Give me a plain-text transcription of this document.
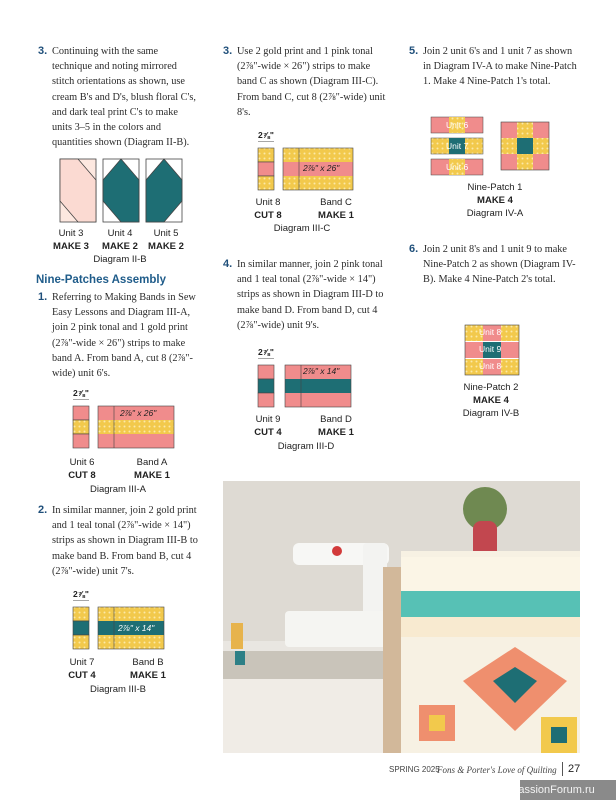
3. Continuing with the same technique and noting mirrored stitch orientations as shown, use cream B's and D's, blush floral C's, and dark teal print C's to make units 3–5 in the colors and quantities shown (Diagram II-B).
Unit 3
MAKE 3
Unit 4
MAKE 2
Unit 5
MAKE 2
Diagram II-B
Nine-Patches Assembly
1. Referring to Making Bands in Sew Easy Lessons and Diagram III-A, join 2 pink tonal and 1 gold print (2⅞"-wide × 26") strips to make band A. From band A, cut 8 (2⅞"-wide) unit 6's.
2⅞"
2⅞" x 26"
Unit 6
CUT 8
Band A
MAKE 1
Diagram III-A
2. In similar manner, join 2 gold print and 1 teal tonal (2⅞"-wide × 14") strips as shown in Diagram III-B to make band B. From band B, cut 4 (2⅞"-wide) unit 7's.
2⅞"
2⅞" x 14"
Unit 7
CUT 4
Band B
MAKE 1
Diagram III-B
3. Use 2 gold print and 1 pink tonal (2⅞"-wide × 26") strips to make band C as shown (Diagram III-C). From band C, cut 8 (2⅞"-wide) unit 8's.
2⅞"
2⅞" x 26"
Unit 8
CUT 8
Band C
MAKE 1
Diagram III-C
4. In similar manner, join 2 pink tonal and 1 teal tonal (2⅞"-wide × 14") strips as shown in Diagram III-D to make band D. From band D, cut 4 (2⅞"-wide) unit 9's.
2⅞"
2⅞" x 14"
Unit 9
CUT 4
Band D
MAKE 1
Diagram III-D
5. Join 2 unit 6's and 1 unit 7 as shown in Diagram IV-A to make Nine-Patch 1. Make 4 Nine-Patch 1's total.
Unit 6
Unit 7
Unit 6
Nine-Patch 1
MAKE 4
Diagram IV-A
6. Join 2 unit 8's and 1 unit 9 to make Nine-Patch 2 as shown (Diagram IV-B). Make 4 Nine-Patch 2's total.
Unit 8
Unit 9
Unit 8
Nine-Patch 2
MAKE 4
Diagram IV-B
SPRING 2025
Fons & Porter's Love of Quilting 27
PassionForum.ru
